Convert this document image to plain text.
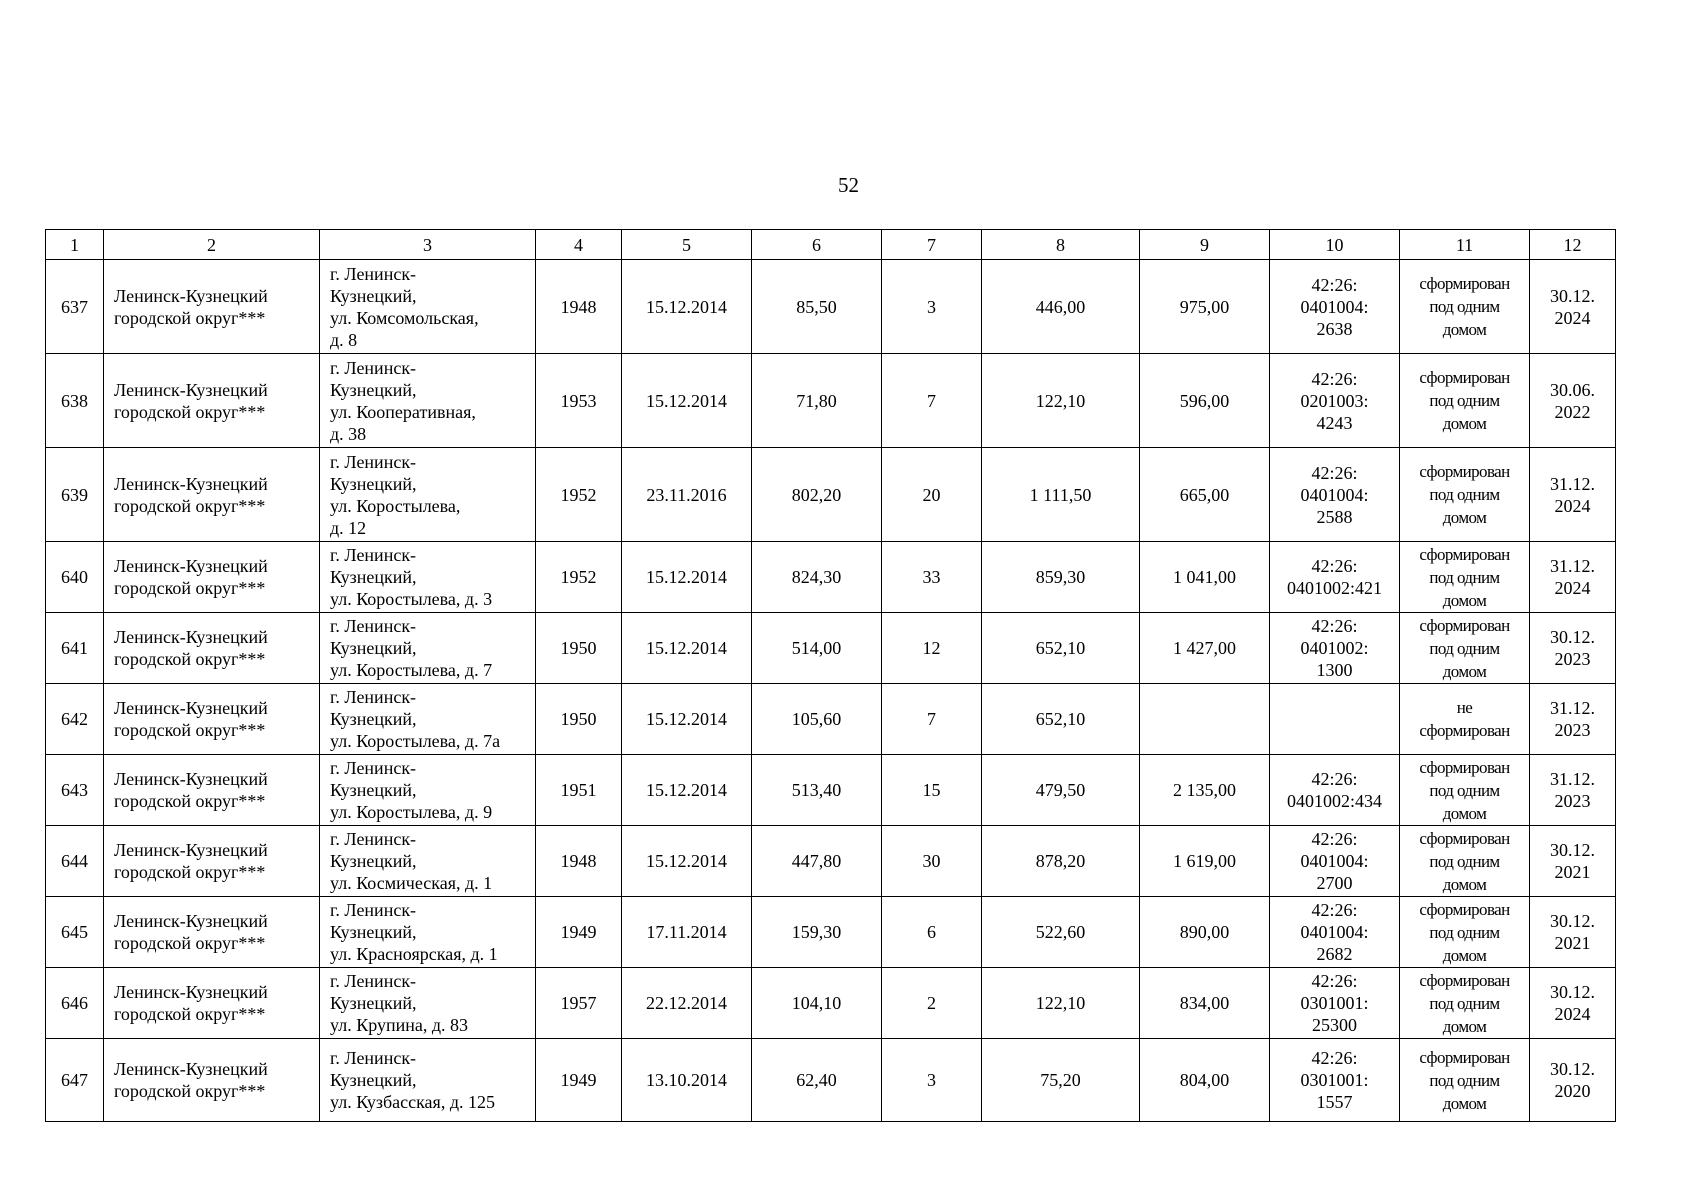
52
1	2	3	4	5	6	7	8	9	10	11	12
637	Ленинск-Кузнецкий
городской округ***	г. Ленинск-
Кузнецкий,
ул. Комсомольская,
д. 8	1948	15.12.2014	85,50	3	446,00	975,00	42:26:
0401004:
2638	сформирован
под одним
домом	30.12.
2024

638	Ленинск-Кузнецкий
городской округ***	г. Ленинск-
Кузнецкий,
ул. Кооперативная,
д. 38	1953	15.12.2014	71,80	7	122,10	596,00	42:26:
0201003:
4243	сформирован
под одним
домом	30.06.
2022

639	Ленинск-Кузнецкий
городской округ***	г. Ленинск-
Кузнецкий,
ул. Коростылева,
д. 12	1952	23.11.2016	802,20	20	1 111,50	665,00	42:26:
0401004:
2588	сформирован
под одним
домом	31.12.
2024

640	Ленинск-Кузнецкий
городской округ***	г. Ленинск-
Кузнецкий,
ул. Коростылева, д. 3	1952	15.12.2014	824,30	33	859,30	1 041,00	42:26:
0401002:421	сформирован
под одним
домом	31.12.
2024

641	Ленинск-Кузнецкий
городской округ***	г. Ленинск-
Кузнецкий,
ул. Коростылева, д. 7	1950	15.12.2014	514,00	12	652,10	1 427,00	42:26:
0401002:
1300	сформирован
под одним
домом	30.12.
2023

642	Ленинск-Кузнецкий
городской округ***	г. Ленинск-
Кузнецкий,
ул. Коростылева, д. 7а	1950	15.12.2014	105,60	7	652,10			не
сформирован	31.12.
2023

643	Ленинск-Кузнецкий
городской округ***	г. Ленинск-
Кузнецкий,
ул. Коростылева, д. 9	1951	15.12.2014	513,40	15	479,50	2 135,00	42:26:
0401002:434	сформирован
под одним
домом	31.12.
2023

644	Ленинск-Кузнецкий
городской округ***	г. Ленинск-
Кузнецкий,
ул. Космическая, д. 1	1948	15.12.2014	447,80	30	878,20	1 619,00	42:26:
0401004:
2700	сформирован
под одним
домом	30.12.
2021

645	Ленинск-Кузнецкий
городской округ***	г. Ленинск-
Кузнецкий,
ул. Красноярская, д. 1	1949	17.11.2014	159,30	6	522,60	890,00	42:26:
0401004:
2682	сформирован
под одним
домом	30.12.
2021

646	Ленинск-Кузнецкий
городской округ***	г. Ленинск-
Кузнецкий,
ул. Крупина, д. 83	1957	22.12.2014	104,10	2	122,10	834,00	42:26:
0301001:
25300	сформирован
под одним
домом	30.12.
2024

647	Ленинск-Кузнецкий
городской округ***	г. Ленинск-
Кузнецкий,
ул. Кузбасская, д. 125	1949	13.10.2014	62,40	3	75,20	804,00	42:26:
0301001:
1557	сформирован
под одним
домом	30.12.
2020
